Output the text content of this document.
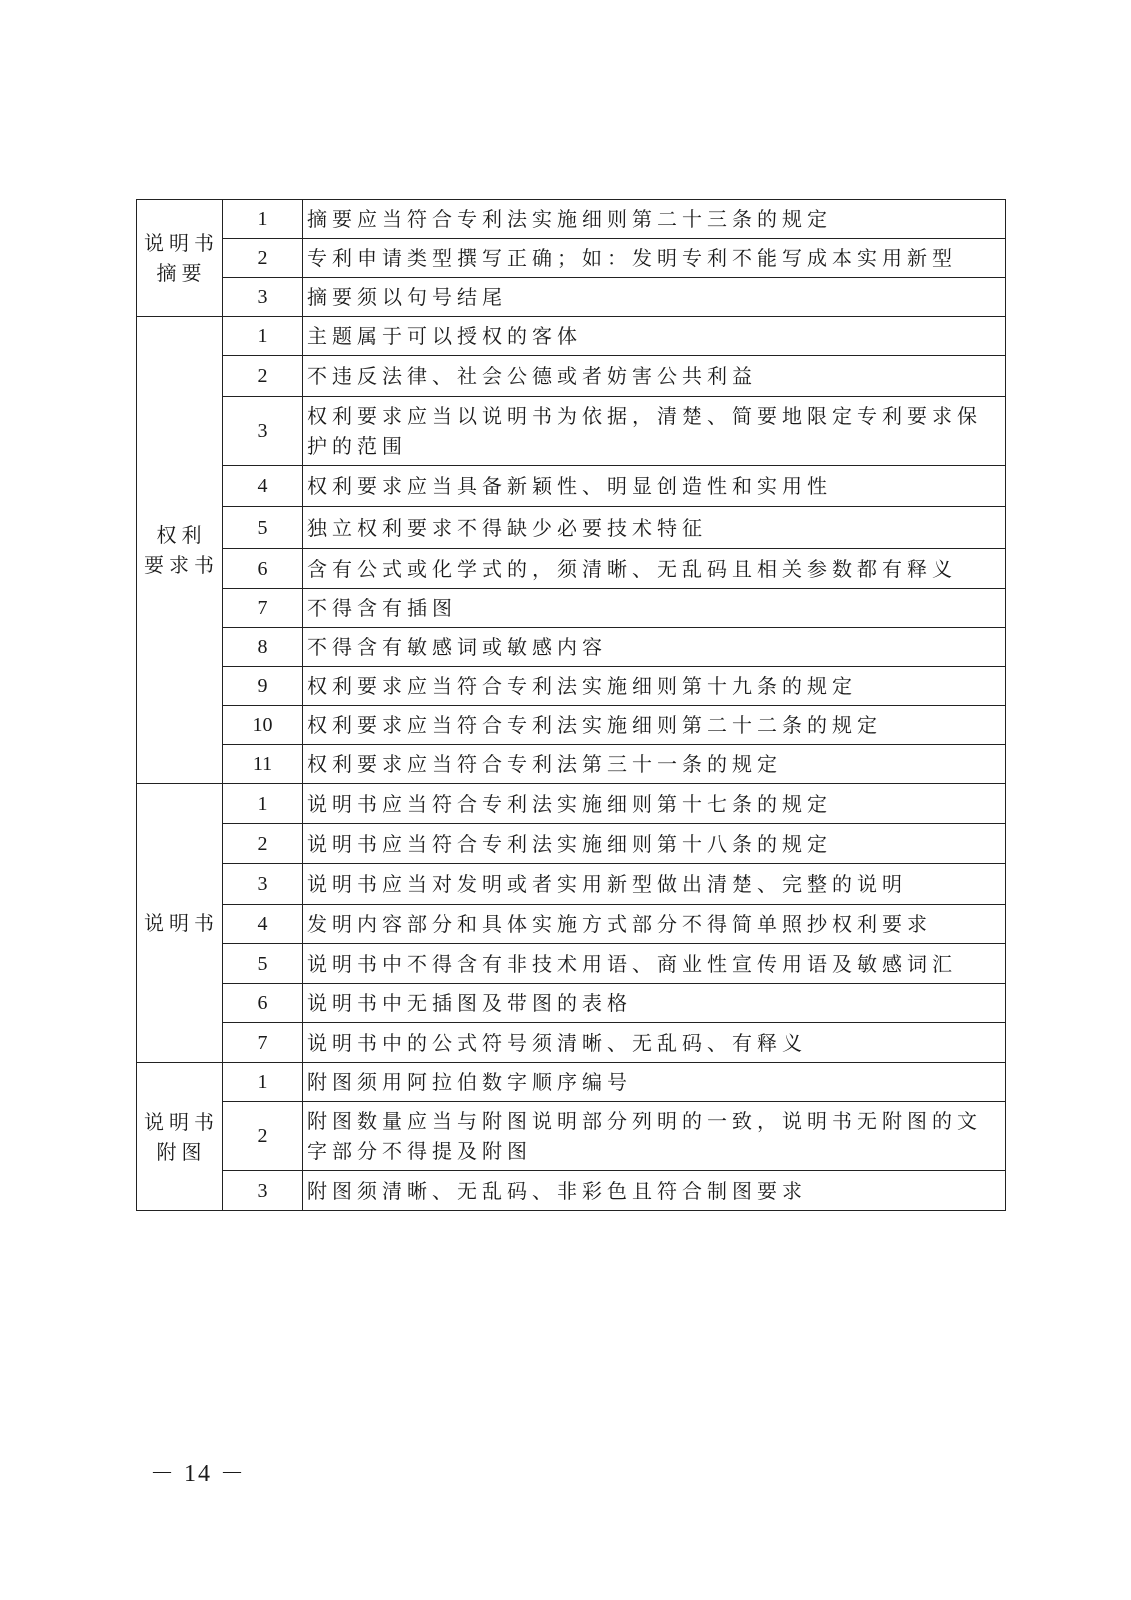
说明书
摘要	1	摘要应当符合专利法实施细则第二十三条的规定
	2	专利申请类型撰写正确；如：发明专利不能写成本实用新型
	3	摘要须以句号结尾

权利
要求书	1	主题属于可以授权的客体
	2	不违反法律、社会公德或者妨害公共利益
	3	权利要求应当以说明书为依据，清楚、简要地限定专利要求保护的范围
	4	权利要求应当具备新颖性、明显创造性和实用性
	5	独立权利要求不得缺少必要技术特征
	6	含有公式或化学式的，须清晰、无乱码且相关参数都有释义
	7	不得含有插图
	8	不得含有敏感词或敏感内容
	9	权利要求应当符合专利法实施细则第十九条的规定
	10	权利要求应当符合专利法实施细则第二十二条的规定
	11	权利要求应当符合专利法第三十一条的规定

说明书	1	说明书应当符合专利法实施细则第十七条的规定
	2	说明书应当符合专利法实施细则第十八条的规定
	3	说明书应当对发明或者实用新型做出清楚、完整的说明
	4	发明内容部分和具体实施方式部分不得简单照抄权利要求
	5	说明书中不得含有非技术用语、商业性宣传用语及敏感词汇
	6	说明书中无插图及带图的表格
	7	说明书中的公式符号须清晰、无乱码、有释义

说明书
附图	1	附图须用阿拉伯数字顺序编号
	2	附图数量应当与附图说明部分列明的一致，说明书无附图的文字部分不得提及附图
	3	附图须清晰、无乱码、非彩色且符合制图要求
－ 14 －
